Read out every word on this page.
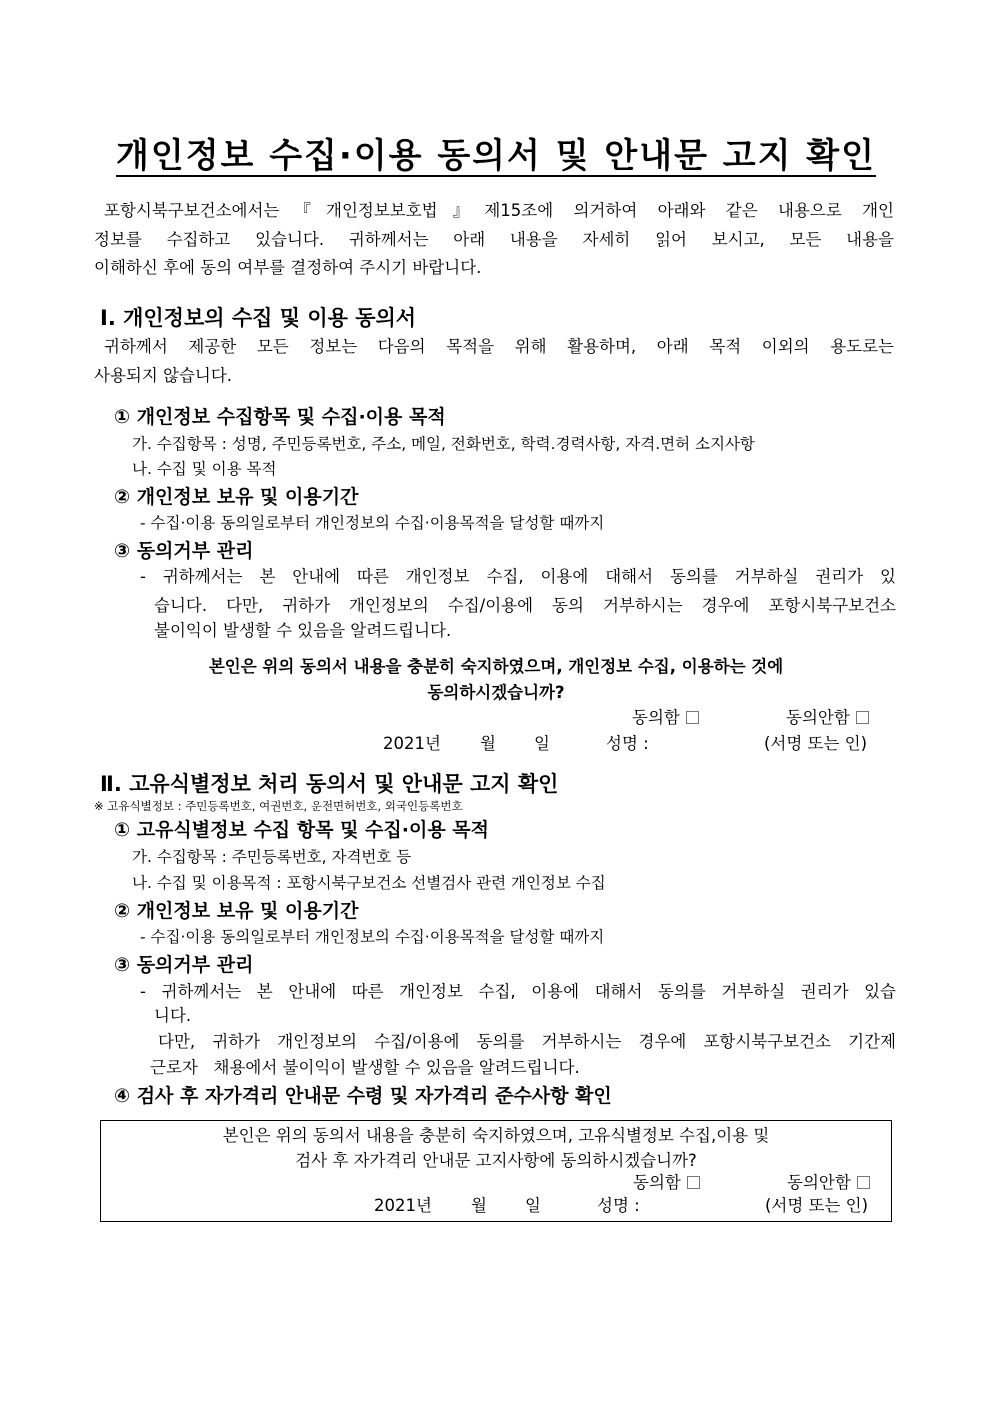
개인정보 수집·이용 동의서 및 안내문 고지 확인
포항시북구보건소에서는『개인정보보호법』제15조에 의거하여 아래와 같은 내용으로 개인
정보를 수집하고 있습니다. 귀하께서는 아래 내용을 자세히 읽어 보시고, 모든 내용을
이해하신 후에 동의 여부를 결정하여 주시기 바랍니다.
Ⅰ. 개인정보의 수집 및 이용 동의서
귀하께서 제공한 모든 정보는 다음의 목적을 위해 활용하며, 아래 목적 이외의 용도로는
사용되지 않습니다.
① 개인정보 수집항목 및 수집·이용 목적
가. 수집항목 : 성명, 주민등록번호, 주소, 메일, 전화번호, 학력.경력사항, 자격.면허 소지사항
나. 수집 및 이용 목적
② 개인정보 보유 및 이용기간
- 수집·이용 동의일로부터 개인정보의 수집·이용목적을 달성할 때까지
③ 동의거부 관리
- 귀하께서는 본 안내에 따른 개인정보 수집, 이용에 대해서 동의를 거부하실 권리가 있
습니다. 다만, 귀하가 개인정보의 수집/이용에 동의 거부하시는 경우에 포항시북구보건소
불이익이 발생할 수 있음을 알려드립니다.
본인은 위의 동의서 내용을 충분히 숙지하였으며, 개인정보 수집, 이용하는 것에
동의하시겠습니까?
동의함	동의안함
2021년 월 일	성명 :	(서명 또는 인)
Ⅱ. 고유식별정보 처리 동의서 및 안내문 고지 확인
※ 고유식별정보 : 주민등록번호, 여권번호, 운전면허번호, 외국인등록번호
① 고유식별정보 수집 항목 및 수집·이용 목적
가. 수집항목 : 주민등록번호, 자격번호 등
나. 수집 및 이용목적 : 포항시북구보건소 선별검사 관련 개인정보 수집
② 개인정보 보유 및 이용기간
- 수집·이용 동의일로부터 개인정보의 수집·이용목적을 달성할 때까지
③ 동의거부 관리
- 귀하께서는 본 안내에 따른 개인정보 수집, 이용에 대해서 동의를 거부하실 권리가 있습
니다.
다만, 귀하가 개인정보의 수집/이용에 동의를 거부하시는 경우에 포항시북구보건소 기간제
근로자   채용에서 불이익이 발생할 수 있음을 알려드립니다.
④ 검사 후 자가격리 안내문 수령 및 자가격리 준수사항 확인
본인은 위의 동의서 내용을 충분히 숙지하였으며, 고유식별정보 수집,이용 및
검사 후 자가격리 안내문 고지사항에 동의하시겠습니까?
동의함	동의안함
2021년 월 일	성명 :	(서명 또는 인)
